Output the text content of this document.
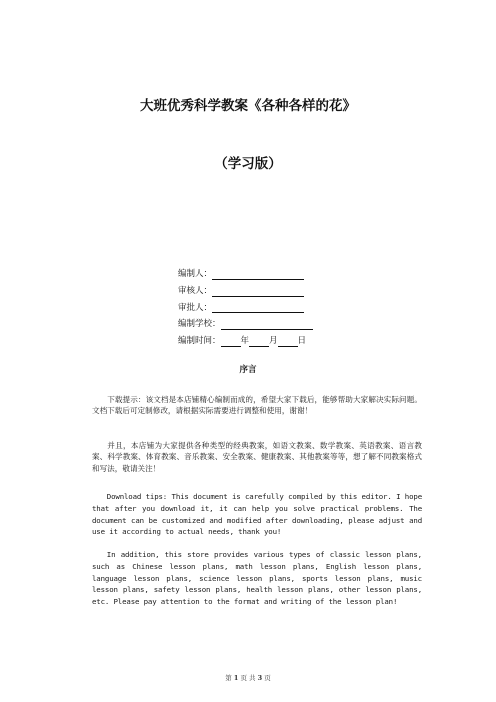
大班优秀科学教案《各种各样的花》
（学习版）
编制人：
审核人：
审批人：
编制学校：
编制时间： 年 月 日
序言

下载提示：该文档是本店铺精心编制而成的，希望大家下载后，能够帮助大家解决实际问题。文档下载后可定制修改，请根据实际需要进行调整和使用，谢谢！

并且，本店铺为大家提供各种类型的经典教案，如语文教案、数学教案、英语教案、语言教案、科学教案、体育教案、音乐教案、安全教案、健康教案、其他教案等等，想了解不同教案格式和写法，敬请关注！

Download tips: This document is carefully compiled by this editor. I hope that after you download it, it can help you solve practical problems. The document can be customized and modified after downloading, please adjust and use it according to actual needs, thank you!

In addition, this store provides various types of classic lesson plans, such as Chinese lesson plans, math lesson plans, English lesson plans, language lesson plans, science lesson plans, sports lesson plans, music lesson plans, safety lesson plans, health lesson plans, other lesson plans, etc. Please pay attention to the format and writing of the lesson plan!

第 1 页 共 3 页
